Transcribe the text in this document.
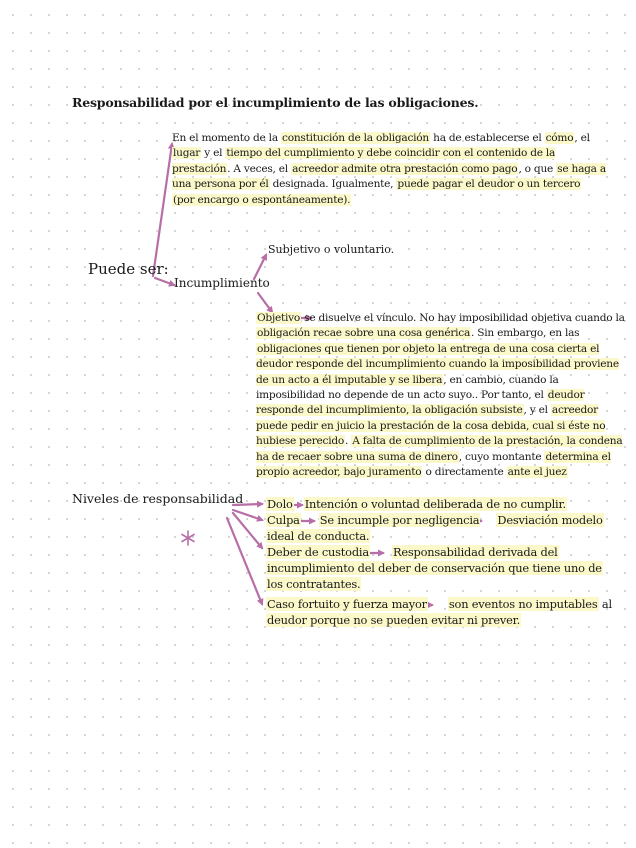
Responsabilidad por el incumplimiento de las obligaciones.
Puede ser:
En el momento de la constitución de la obligación ha de establecerse el cómo, el lugar y el tiempo del cumplimiento y debe coincidir con el contenido de la prestación. A veces, el acreedor admite otra prestación como pago, o que se haga a una persona por él designada. Igualmente, puede pagar el deudor o un tercero
(por encargo o espontáneamente).
Subjetivo o voluntario.
Incumplimiento
Objetivo se disuelve el vínculo. No hay imposibilidad objetiva cuando la obligación recae sobre una cosa genérica. Sin embargo, en las obligaciones que tienen por objeto la entrega de una cosa cierta el deudor responde del incumplimiento cuando la imposibilidad proviene de un acto a él imputable y se libera, en cambio, cuando la imposibilidad no depende de un acto suyo.. Por tanto, el deudor responde del incumplimiento, la obligación subsiste, y el acreedor puede pedir en juicio la prestación de la cosa debida, cual si éste no hubiese perecido. A falta de cumplimiento de la prestación, la condena ha de recaer sobre una suma de dinero, cuyo montante determina el propio acreedor, bajo juramento o directamente ante el juez
Niveles de responsabilidad Dolo Intención o voluntad deliberada de no cumplir.
Culpa Se incumple por negligencia Desviación modelo
ideal de conducta.
Deber de custodia Responsabilidad derivada del
incumplimiento del deber de conservación que tiene uno de
los contratantes.
Caso fortuito y fuerza mayor son eventos no imputables al
deudor porque no se pueden evitar ni prever.
